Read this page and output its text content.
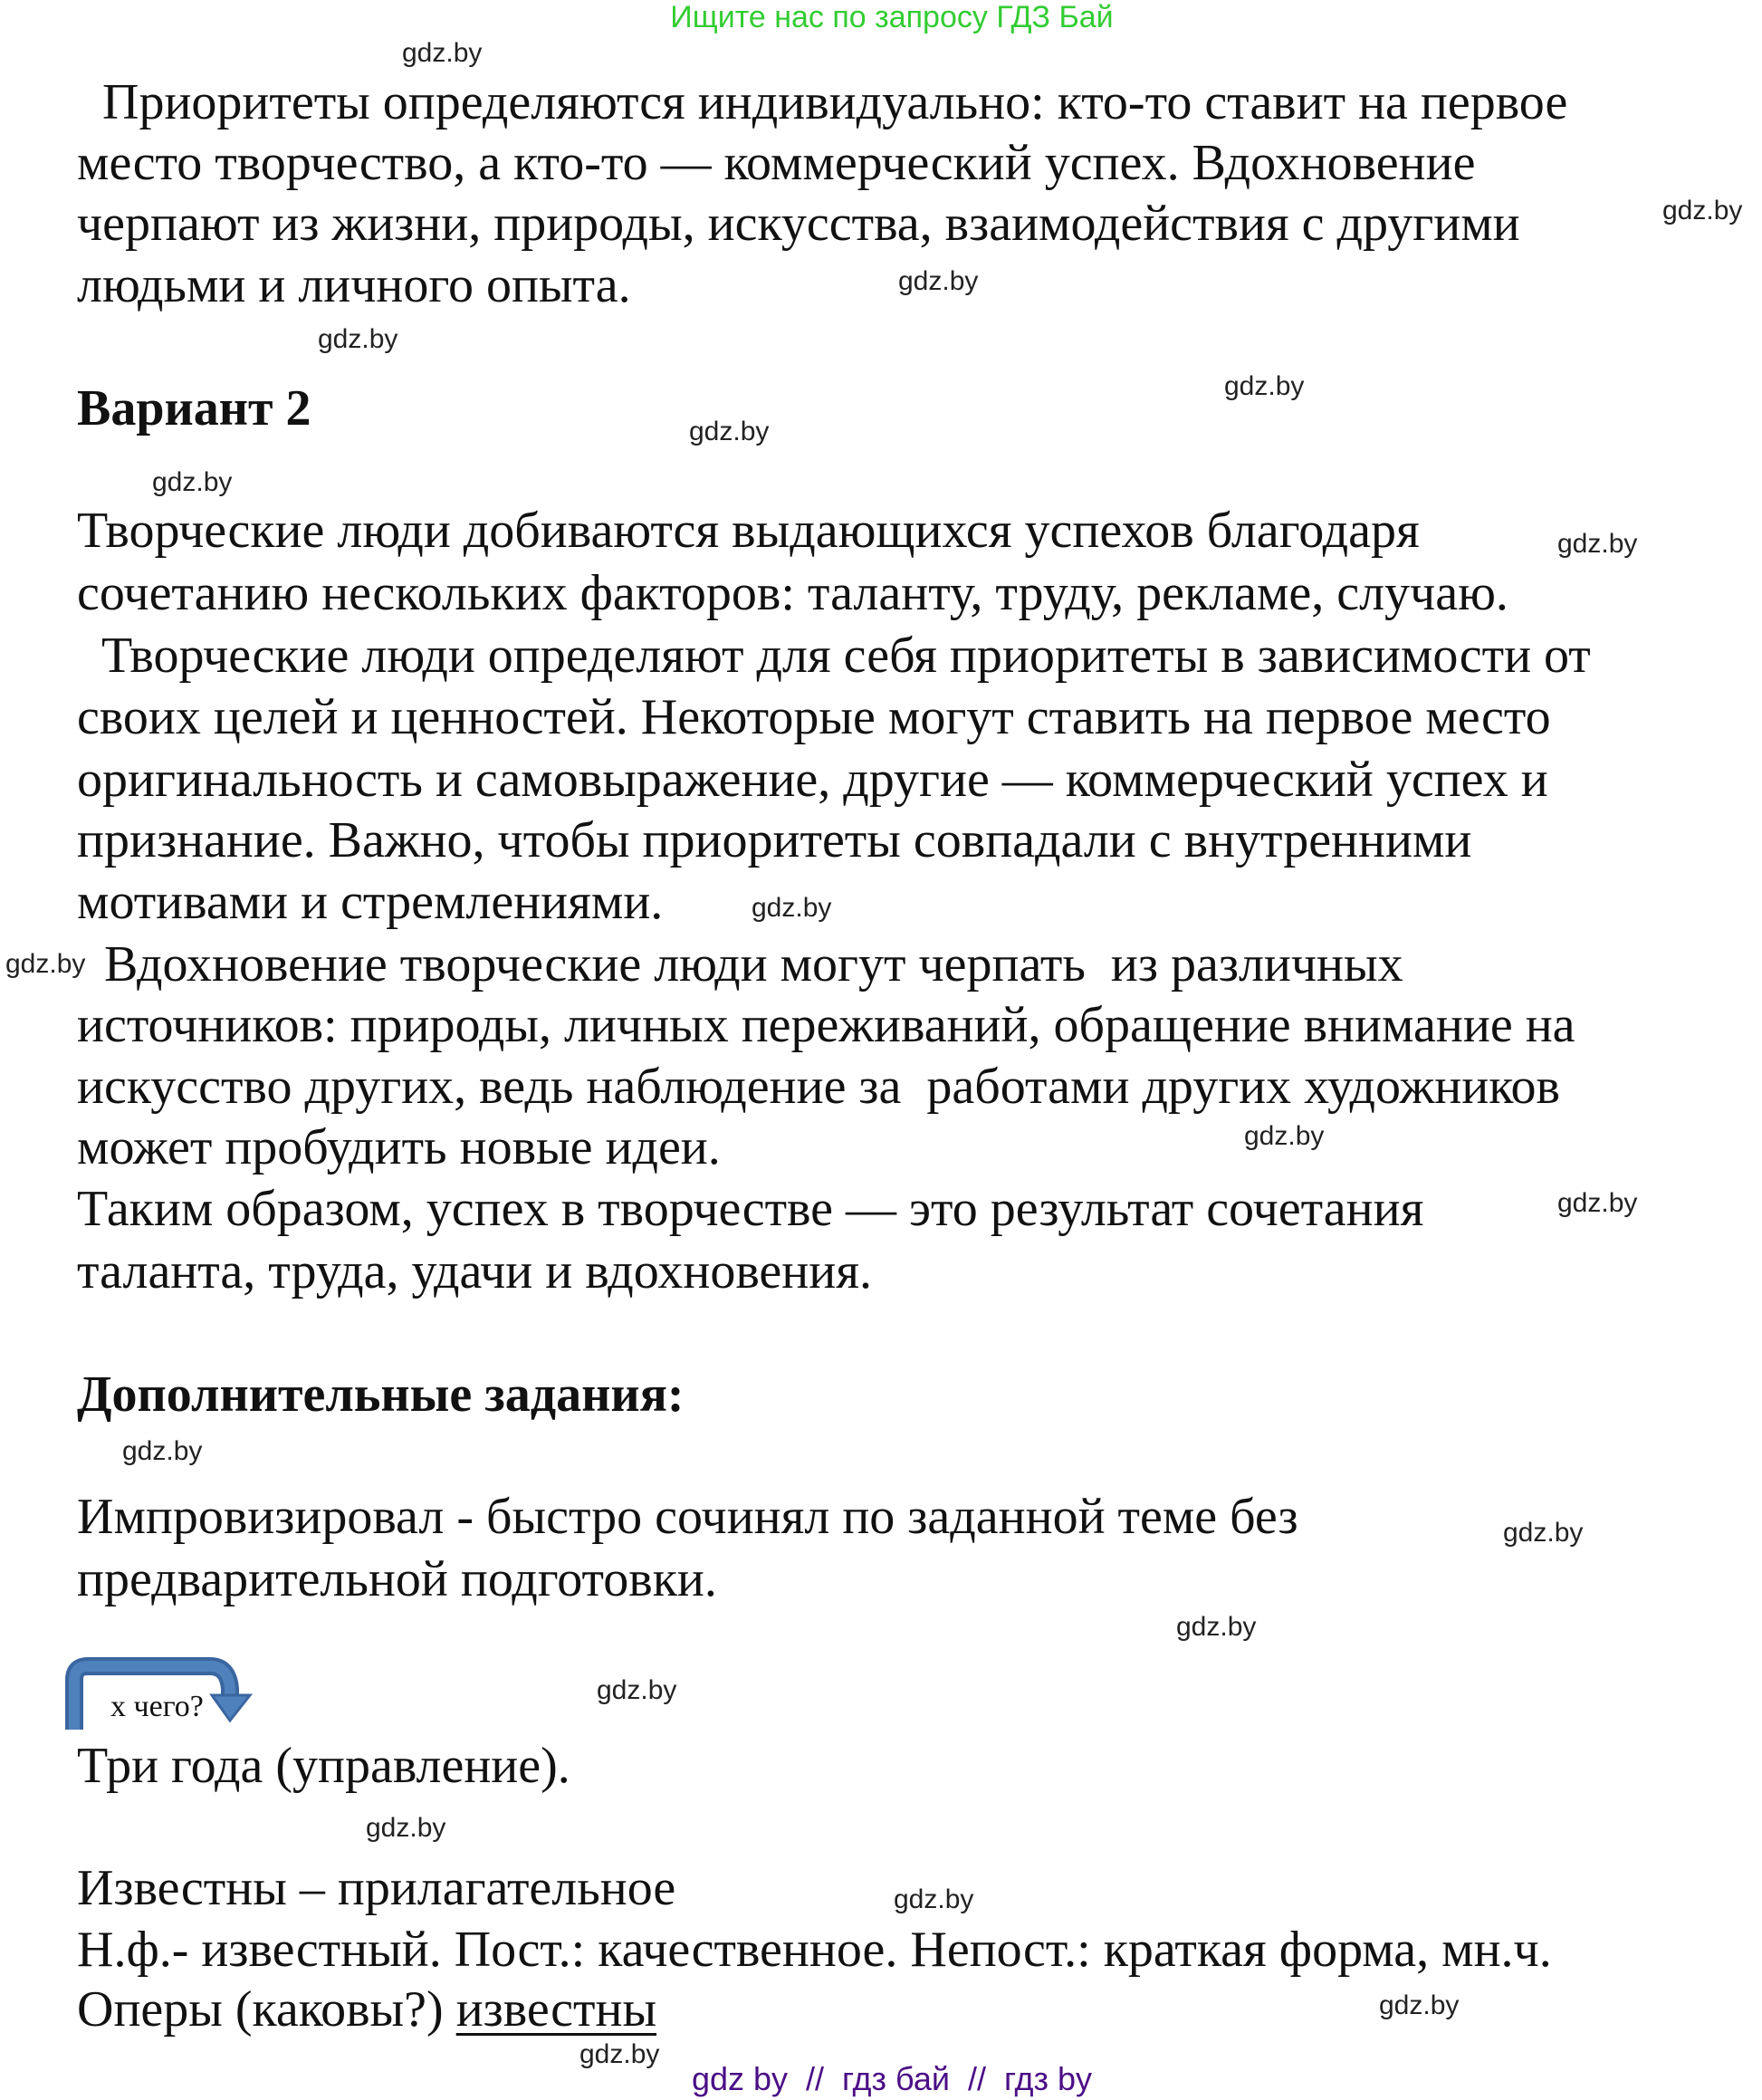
Ищите нас по запросу ГДЗ Бай
Приоритеты определяются индивидуально: кто-то ставит на первое
место творчество, а кто-то — коммерческий успех. Вдохновение
черпают из жизни, природы, искусства, взаимодействия с другими
людьми и личного опыта.
Вариант 2
Творческие люди добиваются выдающихся успехов благодаря
сочетанию нескольких факторов: таланту, труду, рекламе, случаю.
Творческие люди определяют для себя приоритеты в зависимости от
своих целей и ценностей. Некоторые могут ставить на первое место
оригинальность и самовыражение, другие — коммерческий успех и
признание. Важно, чтобы приоритеты совпадали с внутренними
мотивами и стремлениями.
Вдохновение творческие люди могут черпать  из различных
источников: природы, личных переживаний, обращение внимание на
искусство других, ведь наблюдение за  работами других художников
может пробудить новые идеи.
Таким образом, успех в творчестве — это результат сочетания
таланта, труда, удачи и вдохновения.
Дополнительные задания:
Импровизировал - быстро сочинял по заданной теме без
предварительной подготовки.
х чего?
Три года (управление).
Известны – прилагательное
Н.ф.- известный. Пост.: качественное. Непост.: краткая форма, мн.ч.
Оперы (каковы?) известны
gdz.by
gdz.by
gdz.by
gdz.by
gdz.by
gdz.by
gdz.by
gdz.by
gdz.by
gdz.by
gdz.by
gdz.by
gdz.by
gdz.by
gdz.by
gdz.by
gdz.by
gdz.by
gdz.by
gdz.by
gdz by  //  гдз бай  //  гдз by
